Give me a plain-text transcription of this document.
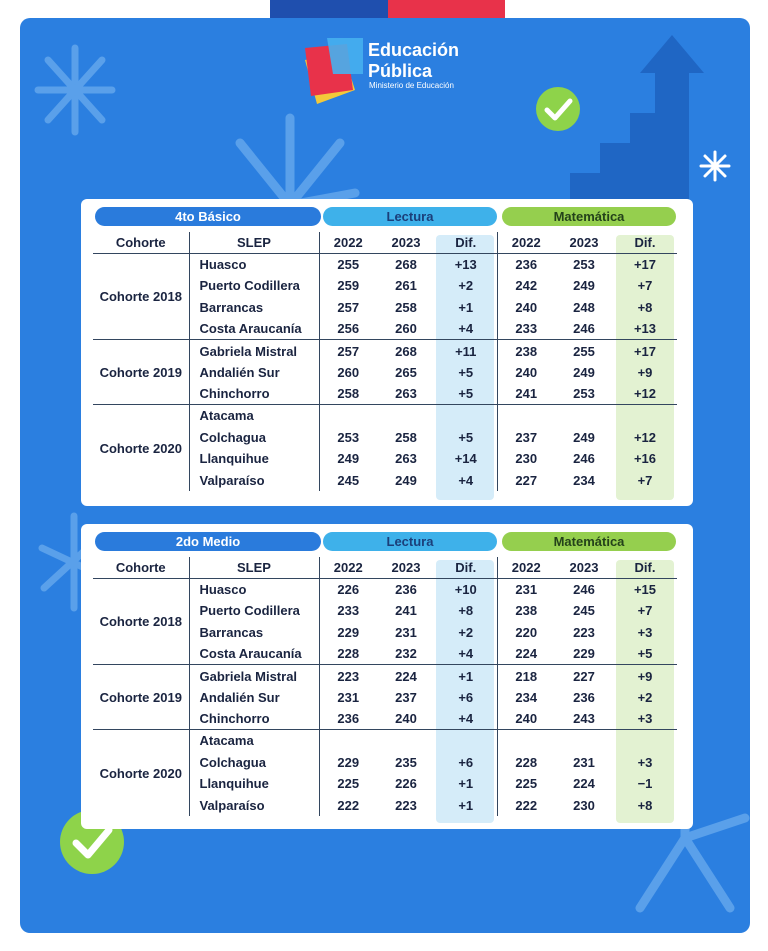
Educación
Pública
Ministerio de Educación
4to Básico	Lectura	Matemática
Cohorte	SLEP	2022	2023	Dif.	2022	2023	Dif.
Cohorte 2018	Huasco	255	268	+13	236	253	+17
	Puerto Codillera	259	261	+2	242	249	+7
	Barrancas	257	258	+1	240	248	+8
	Costa Araucanía	256	260	+4	233	246	+13
Cohorte 2019	Gabriela Mistral	257	268	+11	238	255	+17
	Andalién Sur	260	265	+5	240	249	+9
	Chinchorro	258	263	+5	241	253	+12
Cohorte 2020	Atacama						
	Colchagua	253	258	+5	237	249	+12
	Llanquihue	249	263	+14	230	246	+16
	Valparaíso	245	249	+4	227	234	+7
2do Medio	Lectura	Matemática
Cohorte	SLEP	2022	2023	Dif.	2022	2023	Dif.
Cohorte 2018	Huasco	226	236	+10	231	246	+15
	Puerto Codillera	233	241	+8	238	245	+7
	Barrancas	229	231	+2	220	223	+3
	Costa Araucanía	228	232	+4	224	229	+5
Cohorte 2019	Gabriela Mistral	223	224	+1	218	227	+9
	Andalién Sur	231	237	+6	234	236	+2
	Chinchorro	236	240	+4	240	243	+3
Cohorte 2020	Atacama						
	Colchagua	229	235	+6	228	231	+3
	Llanquihue	225	226	+1	225	224	−1
	Valparaíso	222	223	+1	222	230	+8
